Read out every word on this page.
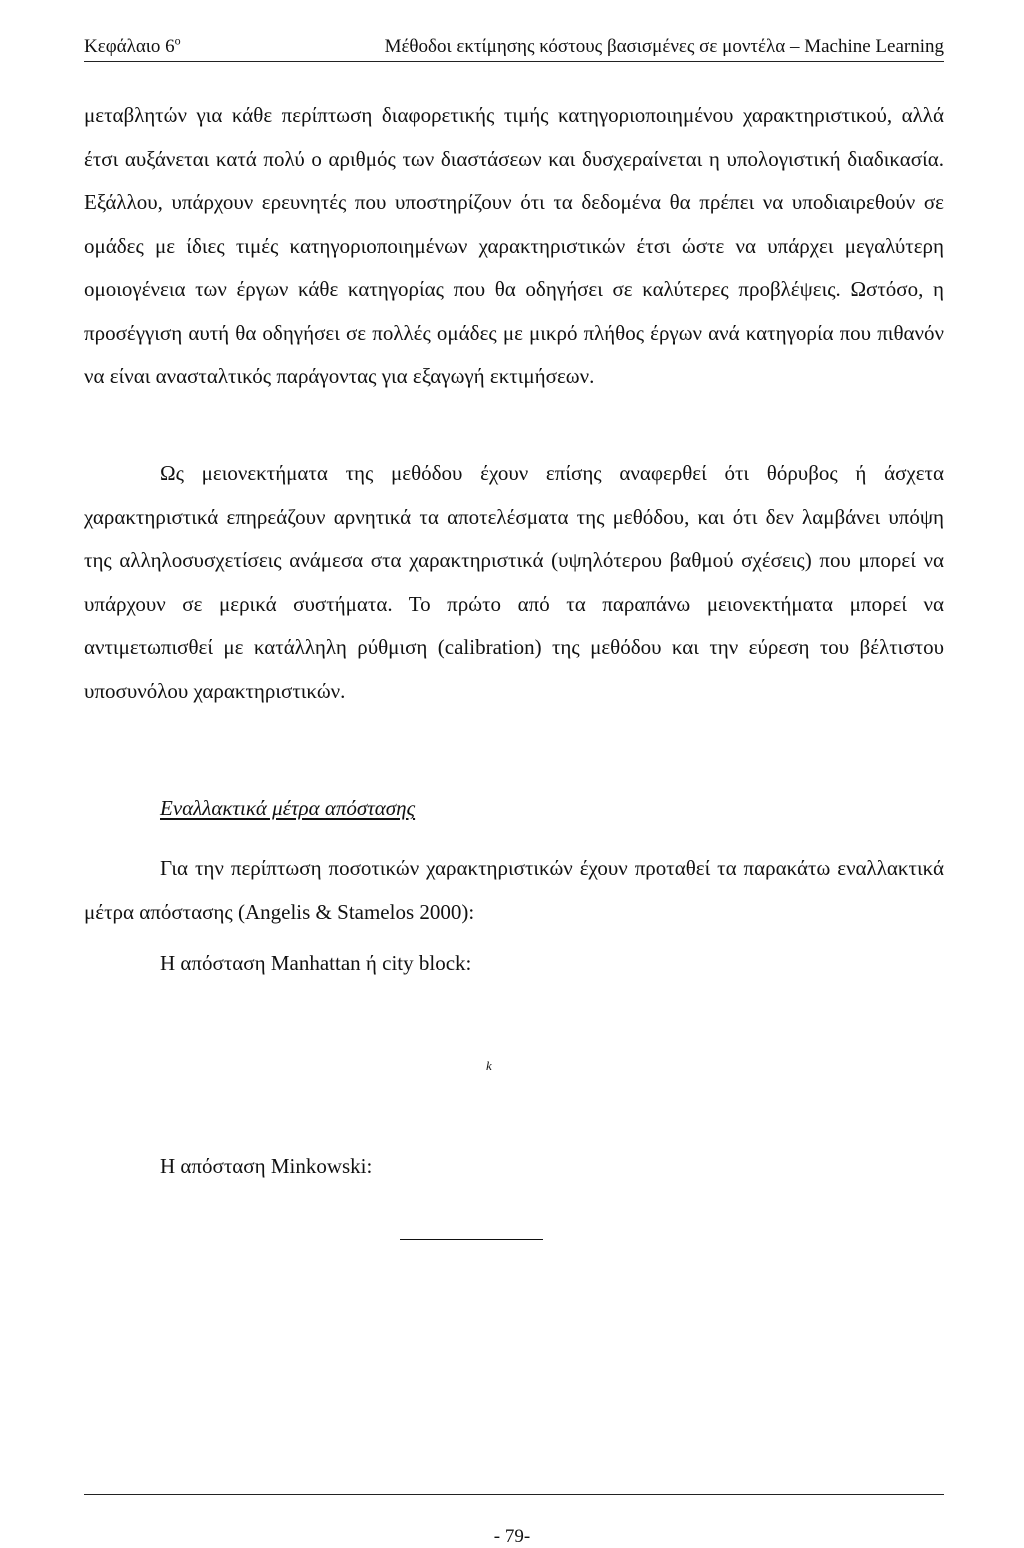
Κεφάλαιο $6^o$	Μέθοδοι εκτίμησης κόστους βασισμένες σε μοντέλα – Machine Learning

μεταβλητών για κάθε περίπτωση διαφορετικής τιμής κατηγοριοποιημένου χαρακτηριστικού, αλλά έτσι αυξάνεται κατά πολύ ο αριθμός των διαστάσεων και δυσχεραίνεται η υπολογιστική διαδικασία. Εξάλλου, υπάρχουν ερευνητές που υποστηρίζουν ότι τα δεδομένα θα πρέπει να υποδιαιρεθούν σε ομάδες με ίδιες τιμές κατηγοριοποιημένων χαρακτηριστικών έτσι ώστε να υπάρχει μεγαλύτερη ομοιογένεια των έργων κάθε κατηγορίας που θα οδηγήσει σε καλύτερες προβλέψεις. Ωστόσο, η προσέγγιση αυτή θα οδηγήσει σε πολλές ομάδες με μικρό πλήθος έργων ανά κατηγορία που πιθανόν να είναι ανασταλτικός παράγοντας για εξαγωγή εκτιμήσεων.

Ως μειονεκτήματα της μεθόδου έχουν επίσης αναφερθεί ότι θόρυβος ή άσχετα χαρακτηριστικά επηρεάζουν αρνητικά τα αποτελέσματα της μεθόδου, και ότι δεν λαμβάνει υπόψη της αλληλοσυσχετίσεις ανάμεσα στα χαρακτηριστικά (υψηλότερου βαθμού σχέσεις) που μπορεί να υπάρχουν σε μερικά συστήματα. Το πρώτο από τα παραπάνω μειονεκτήματα μπορεί να αντιμετωπισθεί με κατάλληλη ρύθμιση (calibration) της μεθόδου και την εύρεση του βέλτιστου υποσυνόλου χαρακτηριστικών.

Εναλλακτικά μέτρα απόστασης

Για την περίπτωση ποσοτικών χαρακτηριστικών έχουν προταθεί τα παρακάτω εναλλακτικά μέτρα απόστασης (Angelis & Stamelos 2000):

Η απόσταση Manhattan ή city block:
k
Η απόσταση Minkowski:
- 79-
